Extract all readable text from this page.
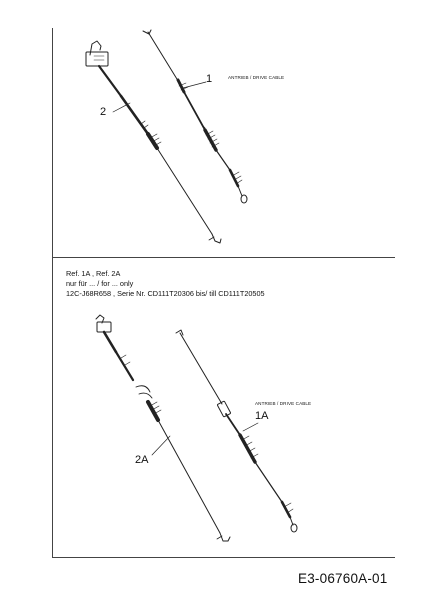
1
2
ANTRIEB / DRIVE CABLE
Ref. 1A , Ref. 2A
nur für ... / for ... only
12C-J68R658 , Serie Nr. CD111T20306 bis/ till CD111T20505
ANTRIEB / DRIVE CABLE
1A
2A
E3-06760A-01
